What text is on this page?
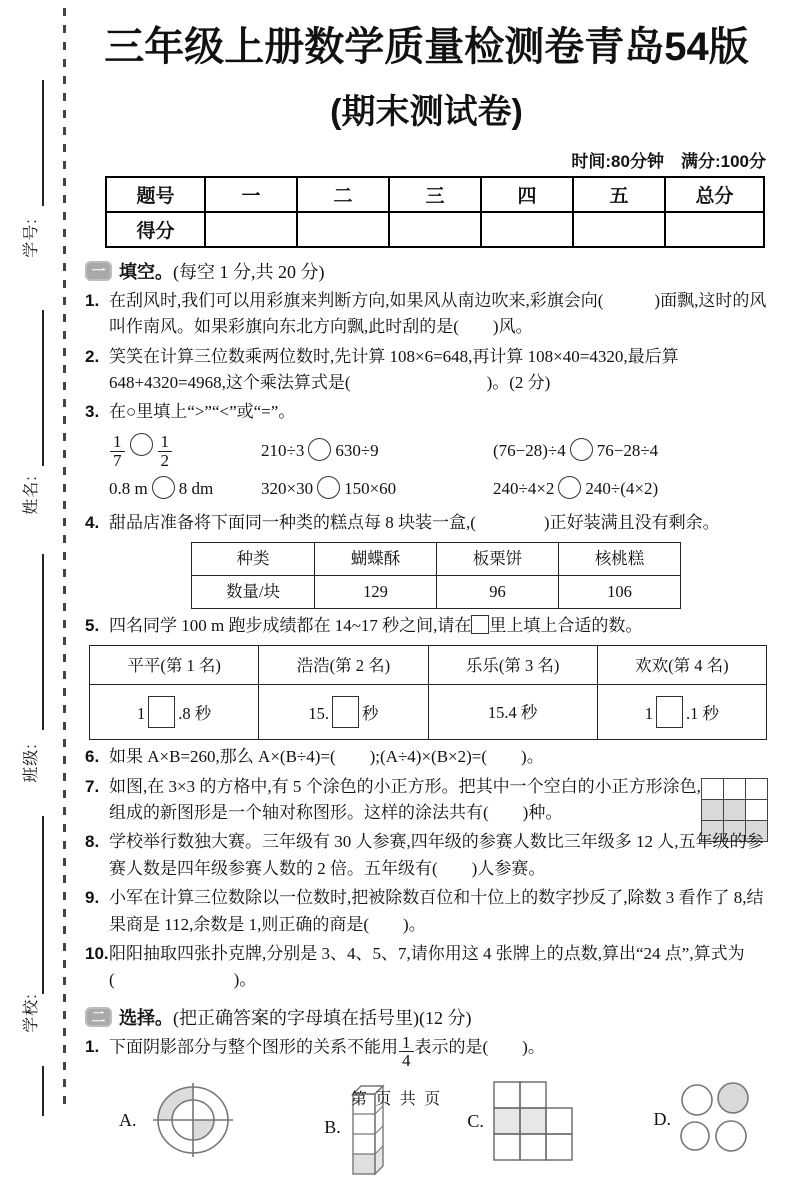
学号:
姓名:
班级:
学校:
三年级上册数学质量检测卷青岛54版
(期末测试卷)
时间:80分钟　满分:100分
题号	一	二	三	四	五	总分
得分						
一 填空。(每空 1 分,共 20 分)
1. 在刮风时,我们可以用彩旗来判断方向,如果风从南边吹来,彩旗会向(　　　)面飘,这时的风叫作南风。如果彩旗向东北方向飘,此时刮的是(　　)风。
2. 笑笑在计算三位数乘两位数时,先计算 108×6=648,再计算 108×40=4320,最后算 648+4320=4968,这个乘法算式是(　　　　　　　　)。(2 分)
3. 在○里填上“>”“<”或“=”。
$\frac{1}{7} \frac{1}{2}$	210÷3 630÷9	(76−28)÷4 76−28÷4
0.8 m 8 dm	320×30 150×60	240÷4×2 240÷(4×2)
4. 甜品店准备将下面同一种类的糕点每 8 块装一盒,(　　　　)正好装满且没有剩余。
种类	蝴蝶酥	板栗饼	核桃糕
数量/块	129	96	106
5. 四名同学 100 m 跑步成绩都在 14~17 秒之间,请在 里上填上合适的数。
平平(第 1 名)	浩浩(第 2 名)	乐乐(第 3 名)	欢欢(第 4 名)
1 .8 秒	15. 秒	15.4 秒	1 .1 秒
6. 如果 A×B=260,那么 A×(B÷4)=(　　);(A÷4)×(B×2)=(　　)。
7. 如图,在 3×3 的方格中,有 5 个涂色的小正方形。把其中一个空白的小正方形涂色,组成的新图形是一个轴对称图形。这样的涂法共有(　　)种。

8. 学校举行数独大赛。三年级有 30 人参赛,四年级的参赛人数比三年级多 12 人,五年级的参赛人数是四年级参赛人数的 2 倍。五年级有(　　)人参赛。
9. 小军在计算三位数除以一位数时,把被除数百位和十位上的数字抄反了,除数 3 看作了 8,结果商是 112,余数是 1,则正确的商是(　　)。
10. 阳阳抽取四张扑克牌,分别是 3、4、5、7,请你用这 4 张牌上的点数,算出“24 点”,算式为(　　　　　　　)。
二 选择。(把正确答案的字母填在括号里)(12 分)
1. 下面阴影部分与整个图形的关系不能用 $\frac{1}{4}$ 表示的是(　　)。
A.	B.	C.	D.
第 页 共 页
